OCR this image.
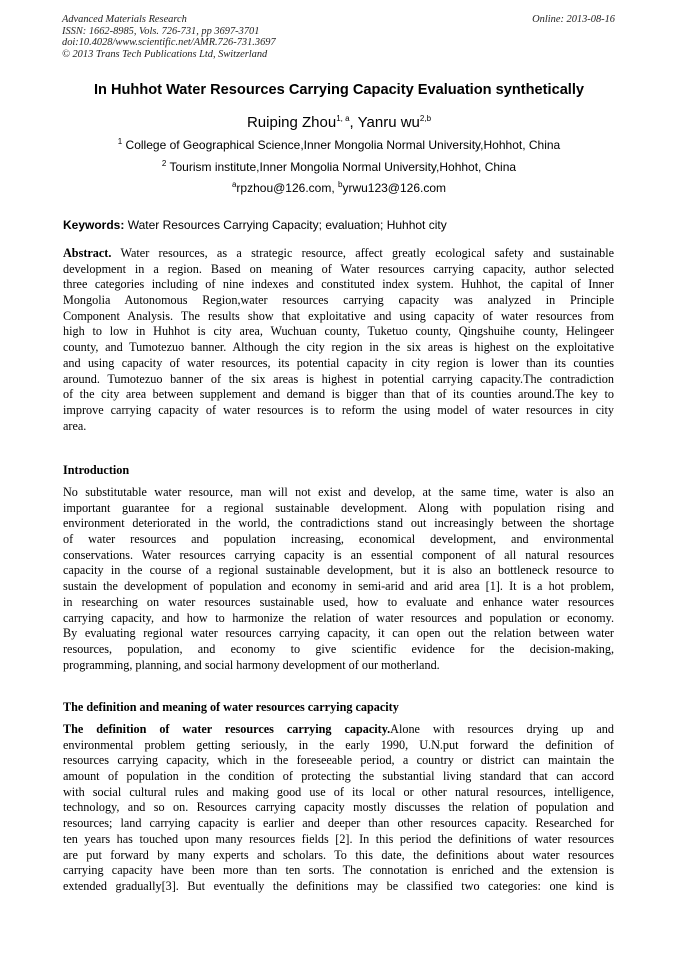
Advanced Materials Research
ISSN: 1662-8985, Vols. 726-731, pp 3697-3701
doi:10.4028/www.scientific.net/AMR.726-731.3697
© 2013 Trans Tech Publications Ltd, Switzerland
Online: 2013-08-16
In Huhhot Water Resources Carrying Capacity Evaluation synthetically
Ruiping Zhou$^{1, a}$, Yanru wu$^{2,b}$
$^1$ College of Geographical Science,Inner Mongolia Normal University,Hohhot, China
$^2$ Tourism institute,Inner Mongolia Normal University,Hohhot, China
$^a$rpzhou@126.com, $^b$yrwu123@126.com
Keywords: Water Resources Carrying Capacity; evaluation; Huhhot city
Abstract. Water resources, as a strategic resource, affect greatly ecological safety and sustainable
development in a region. Based on meaning of Water resources carrying capacity, author selected
three categories including of nine indexes and constituted index system. Huhhot, the capital of Inner
Mongolia Autonomous Region,water resources carrying capacity was analyzed in Principle
Component Analysis. The results show that exploitative and using capacity of water resources from
high to low in Huhhot is city area, Wuchuan county, Tuketuo county, Qingshuihe county, Helingeer
county, and Tumotezuo banner. Although the city region in the six areas is highest on the exploitative
and using capacity of water resources, its potential capacity in city region is lower than its counties
around. Tumotezuo banner of the six areas is highest in potential carrying capacity.The contradiction
of the city area between supplement and demand is bigger than that of its counties around.The key to
improve carrying capacity of water resources is to reform the using model of water resources in city
area.
Introduction
No substitutable water resource, man will not exist and develop, at the same time, water is also an
important guarantee for a regional sustainable development. Along with population rising and
environment deteriorated in the world, the contradictions stand out increasingly between the shortage
of water resources and population increasing, economical development, and environmental
conservations. Water resources carrying capacity is an essential component of all natural resources
capacity in the course of a regional sustainable development, but it is also an bottleneck resource to
sustain the development of population and economy in semi-arid and arid area [1]. It is a hot problem,
in researching on water resources sustainable used, how to evaluate and enhance water resources
carrying capacity, and how to harmonize the relation of water resources and population or economy.
By evaluating regional water resources carrying capacity, it can open out the relation between water
resources, population, and economy to give scientific evidence for the decision-making,
programming, planning, and social harmony development of our motherland.
The definition and meaning of water resources carrying capacity
The definition of water resources carrying capacity.Alone with resources drying up and
environmental problem getting seriously, in the early 1990, U.N.put forward the definition of
resources carrying capacity, which in the foreseeable period, a country or district can maintain the
amount of population in the condition of protecting the substantial living standard that can accord
with social cultural rules and making good use of its local or other natural resources, intelligence,
technology, and so on. Resources carrying capacity mostly discusses the relation of population and
resources; land carrying capacity is earlier and deeper than other resources capacity. Researched for
ten years has touched upon many resources fields [2]. In this period the definitions of water resources
are put forward by many experts and scholars. To this date, the definitions about water resources
carrying capacity have been more than ten sorts. The connotation is enriched and the extension is
extended gradually[3]. But eventually the definitions may be classified two categories: one kind is
